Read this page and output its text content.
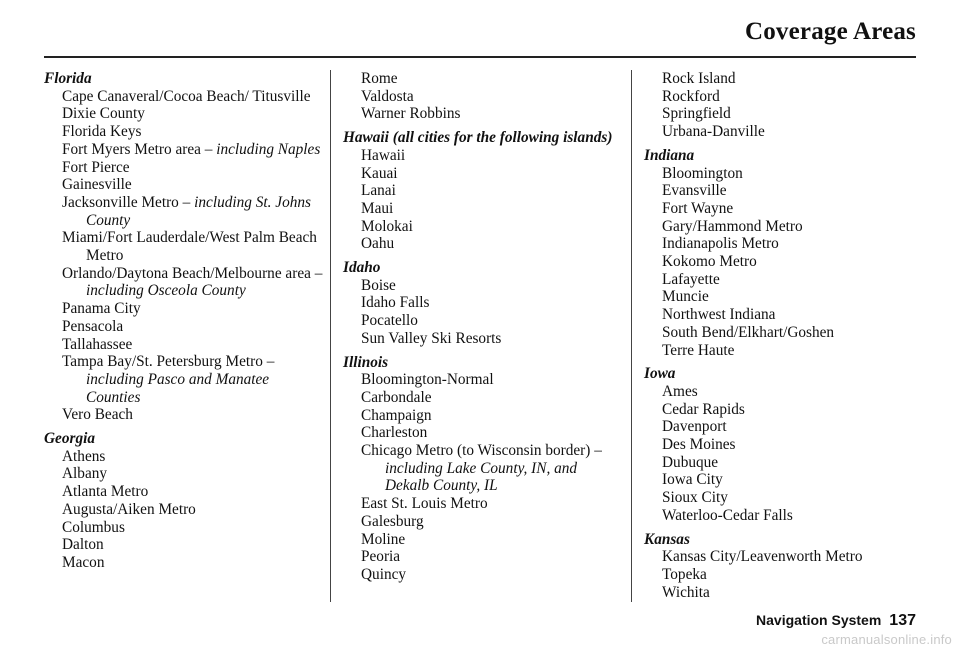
Coverage Areas
Florida
Cape Canaveral/Cocoa Beach/ Titusville
Dixie County
Florida Keys
Fort Myers Metro area – including Naples
Fort Pierce
Gainesville
Jacksonville Metro – including St. Johns County
Miami/Fort Lauderdale/West Palm Beach Metro
Orlando/Daytona Beach/Melbourne area – including Osceola County
Panama City
Pensacola
Tallahassee
Tampa Bay/St. Petersburg Metro – including Pasco and Manatee Counties
Vero Beach
Georgia
Athens
Albany
Atlanta Metro
Augusta/Aiken Metro
Columbus
Dalton
Macon
Rome
Valdosta
Warner Robbins
Hawaii (all cities for the following islands)
Hawaii
Kauai
Lanai
Maui
Molokai
Oahu
Idaho
Boise
Idaho Falls
Pocatello
Sun Valley Ski Resorts
Illinois
Bloomington-Normal
Carbondale
Champaign
Charleston
Chicago Metro (to Wisconsin border) – including Lake County, IN, and Dekalb County, IL
East St. Louis Metro
Galesburg
Moline
Peoria
Quincy
Rock Island
Rockford
Springfield
Urbana-Danville
Indiana
Bloomington
Evansville
Fort Wayne
Gary/Hammond Metro
Indianapolis Metro
Kokomo Metro
Lafayette
Muncie
Northwest Indiana
South Bend/Elkhart/Goshen
Terre Haute
Iowa
Ames
Cedar Rapids
Davenport
Des Moines
Dubuque
Iowa City
Sioux City
Waterloo-Cedar Falls
Kansas
Kansas City/Leavenworth Metro
Topeka
Wichita
Navigation System 137
carmanualsonline.info
